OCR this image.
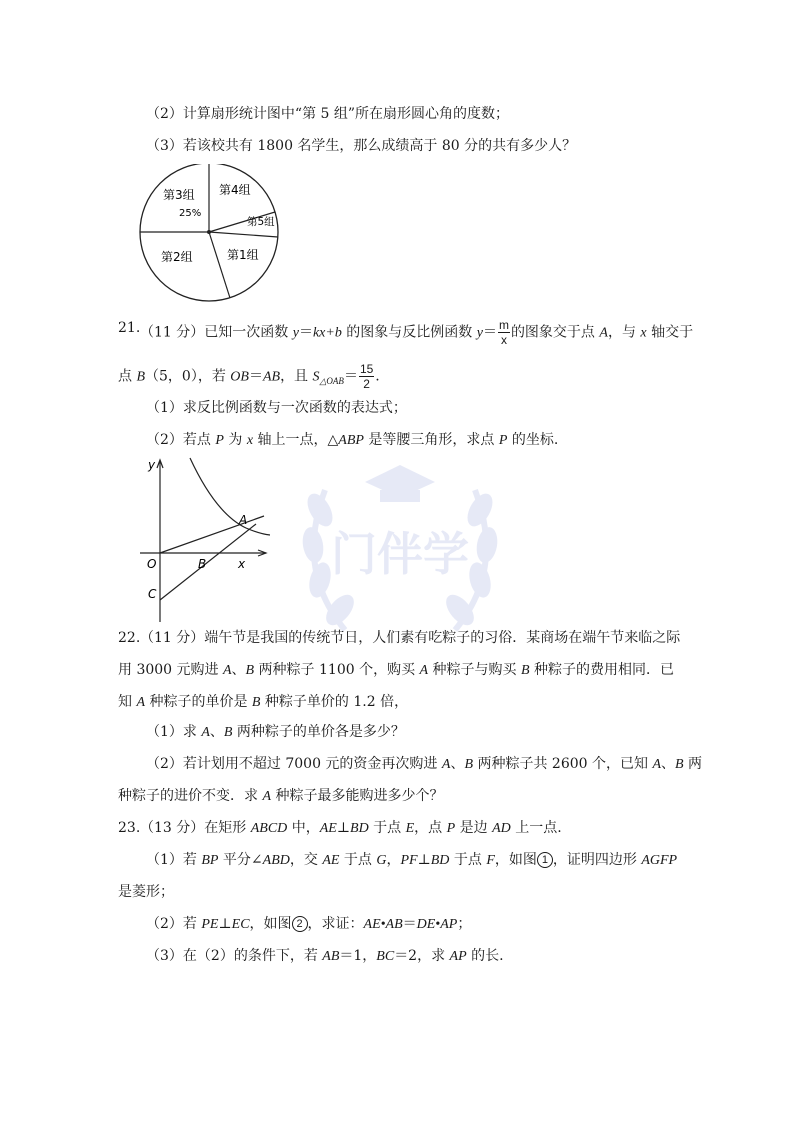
门伴学
（2）计算扇形统计图中“第 5 组”所在扇形圆心角的度数；
（3）若该校共有 1800 名学生，那么成绩高于 80 分的共有多少人？
第3组
25%
第4组
第5组
第1组
第2组
21. （11 分）已知一次函数 y＝kx+b 的图象与反比例函数 $y= \frac{m}{x}$ 的图象交于点 A，与 x 轴交于
点 B（5，0），若 OB＝AB，且 $S_{\triangle OAB}= \frac{15}{2}$ .
（1）求反比例函数与一次函数的表达式；
（2）若点 P 为 x 轴上一点，△ABP 是等腰三角形，求点 P 的坐标.
y
x
O	B
A
C
22. （11 分）端午节是我国的传统节日，人们素有吃粽子的习俗．某商场在端午节来临之际
用 3000 元购进 A、B 两种粽子 1100 个，购买 A 种粽子与购买 B 种粽子的费用相同．已
知 A 种粽子的单价是 B 种粽子单价的 1.2 倍，
（1）求 A、B 两种粽子的单价各是多少？
（2）若计划用不超过 7000 元的资金再次购进 A、B 两种粽子共 2600 个，已知 A、B 两
种粽子的进价不变．求 A 种粽子最多能购进多少个？
23. （13 分）在矩形 ABCD 中，AE⊥BD 于点 E，点 P 是边 AD 上一点.
（1）若 BP 平分∠ABD，交 AE 于点 G，PF⊥BD 于点 F，如图 1 ，证明四边形 AGFP
是菱形；
（2）若 PE⊥EC，如图 2 ，求证：AE•AB＝DE•AP；
（3）在（2）的条件下，若 AB＝1，BC＝2，求 AP 的长.
